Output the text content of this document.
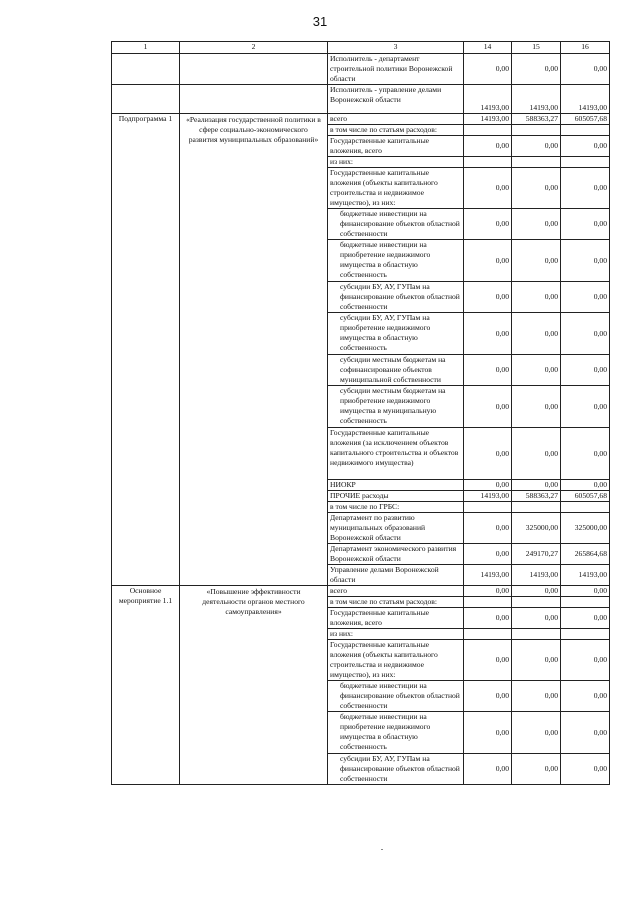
31
1	2	3	14	15	16
		Исполнитель - департамент строительной политики Воронежской области	0,00	0,00	0,00
		Исполнитель - управление делами Воронежской области	14193,00	14193,00	14193,00
Подпрограмма 1	«Реализация государственной политики в сфере социально-экономического развития муниципальных образований»	всего	14193,00	588363,27	605057,68
		в том числе по статьям расходов:			
		Государственные капитальные вложения, всего	0,00	0,00	0,00
		из них:			
		Государственные капитальные вложения (объекты капитального строительства и недвижимое имущество), из них:	0,00	0,00	0,00
		бюджетные инвестиции на финансирование объектов областной собственности	0,00	0,00	0,00
		бюджетные инвестиции на приобретение недвижимого имущества в областную собственность	0,00	0,00	0,00
		субсидии БУ, АУ, ГУПам на финансирование объектов областной собственности	0,00	0,00	0,00
		субсидии БУ, АУ, ГУПам на приобретение недвижимого имущества в областную собственность	0,00	0,00	0,00
		субсидии местным бюджетам на софинансирование объектов муниципальной собственности	0,00	0,00	0,00
		субсидии местным бюджетам на приобретение недвижимого имущества в муниципальную собственность	0,00	0,00	0,00
		Государственные капитальные вложения (за исключением объектов капитального строительства и объектов недвижимого имущества)	0,00	0,00	0,00
		НИОКР	0,00	0,00	0,00
		ПРОЧИЕ расходы	14193,00	588363,27	605057,68
		в том числе по ГРБС:			
		Департамент по развитию муниципальных образований Воронежской области	0,00	325000,00	325000,00
		Департамент экономического развития Воронежской области	0,00	249170,27	265864,68
		Управление делами Воронежской области	14193,00	14193,00	14193,00
Основное мероприятие 1.1	«Повышение эффективности деятельности органов местного самоуправления»	всего	0,00	0,00	0,00
		в том числе по статьям расходов:			
		Государственные капитальные вложения, всего	0,00	0,00	0,00
		из них:			
		Государственные капитальные вложения (объекты капитального строительства и недвижимое имущество), из них:	0,00	0,00	0,00
		бюджетные инвестиции на финансирование объектов областной собственности	0,00	0,00	0,00
		бюджетные инвестиции на приобретение недвижимого имущества в областную собственность	0,00	0,00	0,00
		субсидии БУ, АУ, ГУПам на финансирование объектов областной собственности	0,00	0,00	0,00
